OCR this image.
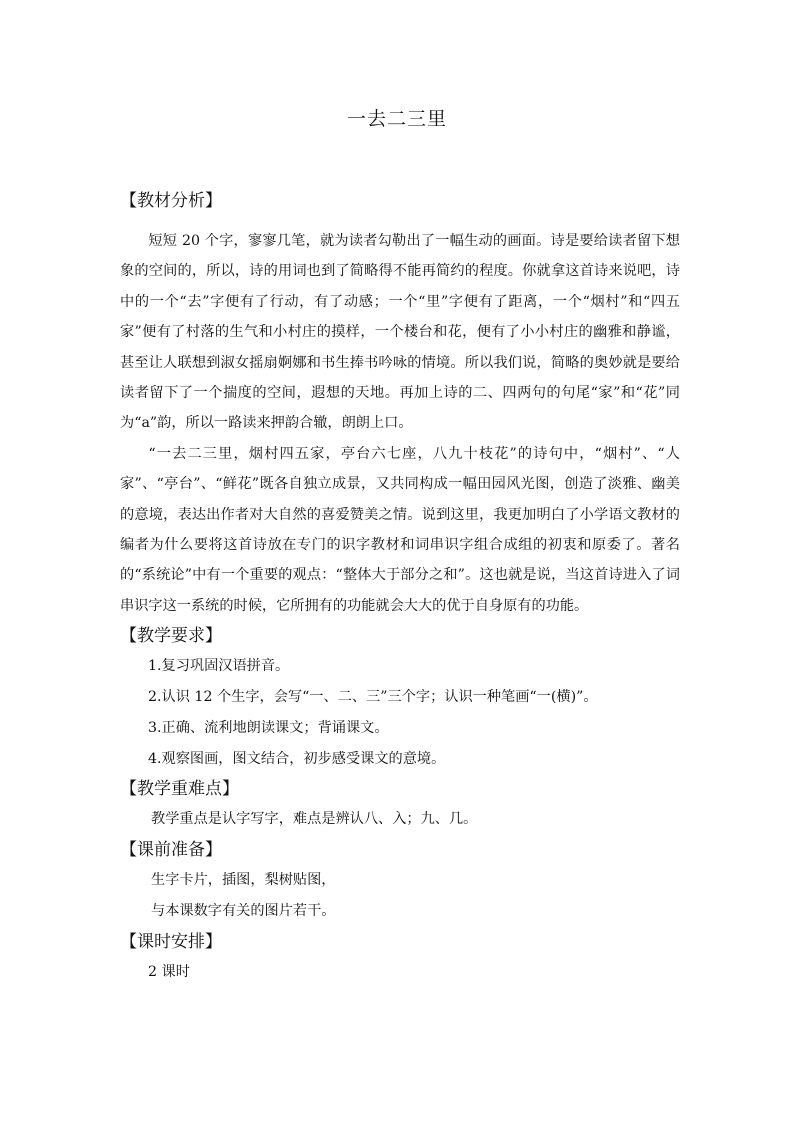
一去二三里
【教材分析】

短短 20 个字，寥寥几笔，就为读者勾勒出了一幅生动的画面。诗是要给读者留下想象的空间的，所以，诗的用词也到了简略得不能再简约的程度。你就拿这首诗来说吧，诗中的一个“去”字便有了行动，有了动感；一个“里”字便有了距离，一个“烟村”和“四五家”便有了村落的生气和小村庄的摸样，一个楼台和花，便有了小小村庄的幽雅和静谧，甚至让人联想到淑女摇扇婀娜和书生捧书吟咏的情境。所以我们说，简略的奥妙就是要给读者留下了一个揣度的空间，遐想的天地。再加上诗的二、四两句的句尾“家”和“花”同为“a”韵，所以一路读来押韵合辙，朗朗上口。

“一去二三里，烟村四五家，亭台六七座，八九十枝花”的诗句中，“烟村”、“人家”、“亭台”、“鲜花”既各自独立成景，又共同构成一幅田园风光图，创造了淡雅、幽美的意境，表达出作者对大自然的喜爱赞美之情。说到这里，我更加明白了小学语文教材的编者为什么要将这首诗放在专门的识字教材和词串识字组合成组的初衷和原委了。著名的“系统论”中有一个重要的观点：“整体大于部分之和”。这也就是说，当这首诗进入了词串识字这一系统的时候，它所拥有的功能就会大大的优于自身原有的功能。

【教学要求】

1.复习巩固汉语拼音。

2.认识 12 个生字，会写“一、二、三”三个字；认识一种笔画“一(横)”。

3.正确、流利地朗读课文；背诵课文。

4.观察图画，图文结合，初步感受课文的意境。

【教学重难点】

教学重点是认字写字，难点是辨认八、入；九、几。

【课前准备】

生字卡片，插图，梨树贴图，

与本课数字有关的图片若干。

【课时安排】

2 课时
